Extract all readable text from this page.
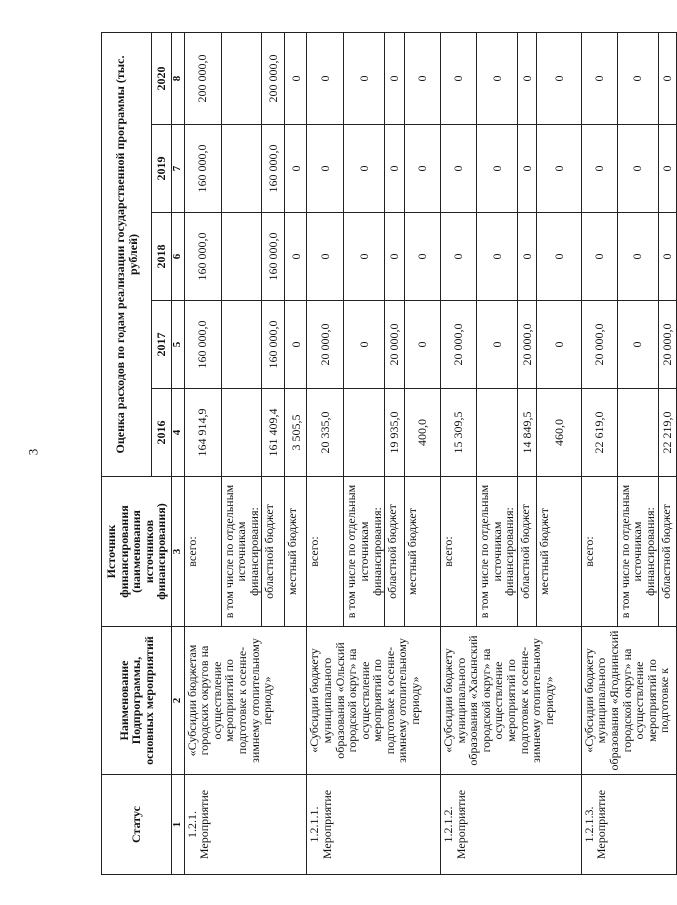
3
Статус	Наименование Подпрограммы, основных мероприятий	Источник финансирования (наименования источников финансирования)	Оценка расходов по годам реализации государственной программы (тыс. рублей)				
			2016	2017	2018	2019	2020
1	2	3	4	5	6	7	8
1.2.1. Мероприятие	«Субсидии бюджетам городских округов на осуществление мероприятий по подготовке к осенне-зимнему отопительному периоду»	всего:	164 914,9	160 000,0	160 000,0	160 000,0	200 000,0
		в том числе по отдельным источникам финансирования:					
		областной бюджет	161 409,4	160 000,0	160 000,0	160 000,0	200 000,0
		местный бюджет	3 505,5	0	0	0	0
1.2.1.1. Мероприятие	«Субсидии бюджету муниципального образования «Ольский городской округ» на осуществление мероприятий по подготовке к осенне-зимнему отопительному периоду»	всего:	20 335,0	20 000,0	0	0	0
		в том числе по отдельным источникам финансирования:		0	0	0	0
		областной бюджет	19 935,0	20 000,0	0	0	0
		местный бюджет	400,0	0	0	0	0
1.2.1.2. Мероприятие	«Субсидии бюджету муниципального образования «Хасынский городской округ» на осуществление мероприятий по подготовке к осенне-зимнему отопительному периоду»	всего:	15 309,5	20 000,0	0	0	0
		в том числе по отдельным источникам финансирования:		0	0	0	0
		областной бюджет	14 849,5	20 000,0	0	0	0
		местный бюджет	460,0	0	0	0	0
1.2.1.3. Мероприятие	«Субсидии бюджету муниципального образования «Ягоднинский городской округ» на осуществление мероприятий по подготовке к	всего:	22 619,0	20 000,0	0	0	0
		в том числе по отдельным источникам финансирования:		0	0	0	0
		областной бюджет	22 219,0	20 000,0	0	0	0
